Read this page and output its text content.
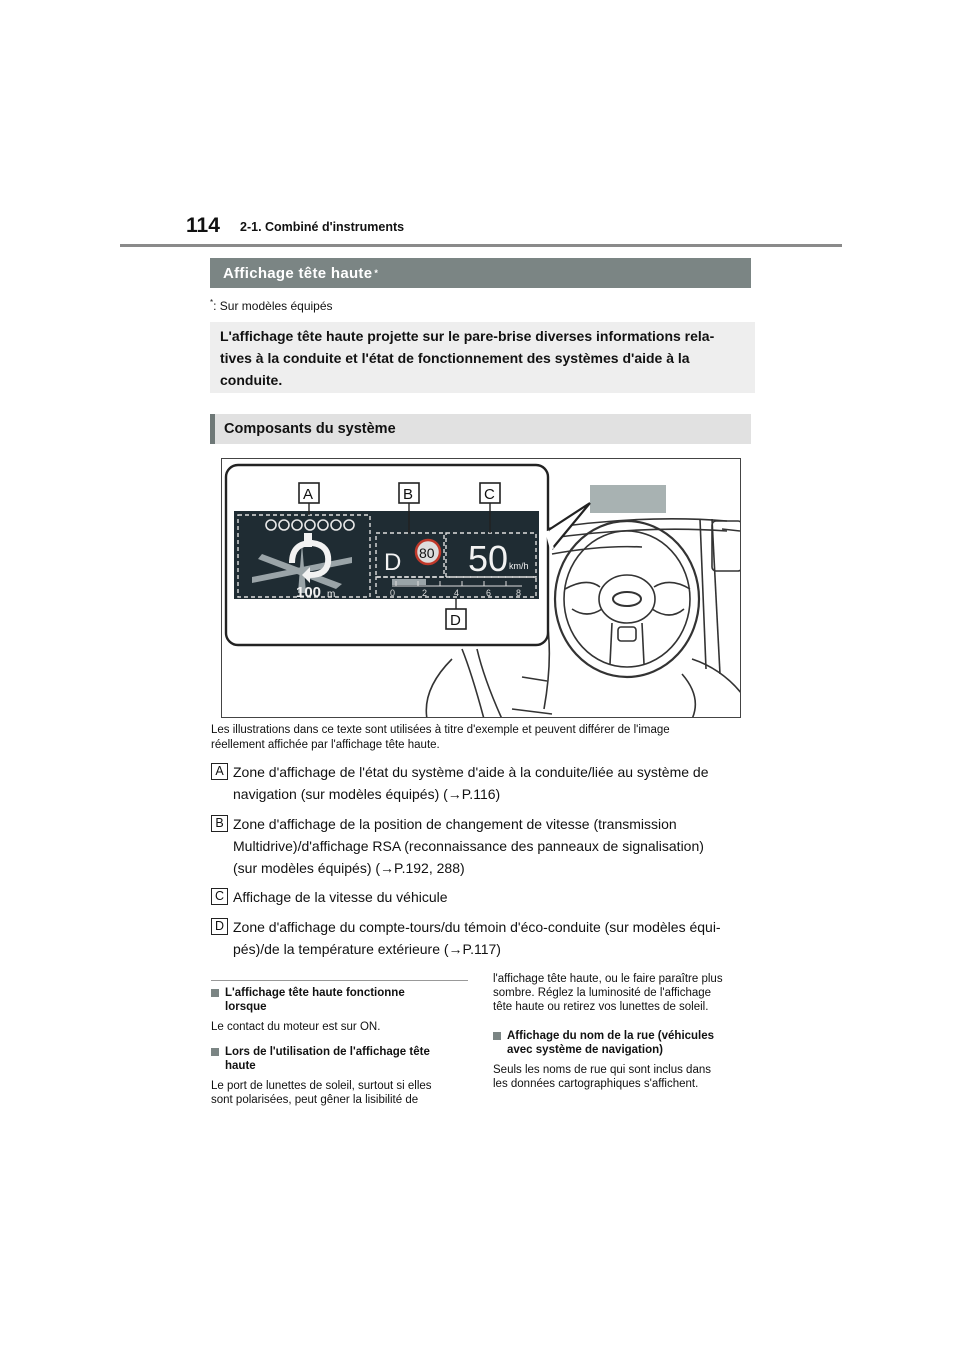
114 2-1. Combiné d'instruments
Affichage tête haute *
*: Sur modèles équipés
L'affichage tête haute projette sur le pare-brise diverses informations rela-
tives à la conduite et l'état de fonctionnement des systèmes d'aide à la
conduite.
Composants du système
100 m
D 80 50 km/h
0	2	4	6	8
A	B	C
D
Les illustrations dans ce texte sont utilisées à titre d'exemple et peuvent différer de l'image
réellement affichée par l'affichage tête haute.
A Zone d'affichage de l'état du système d'aide à la conduite/liée au système de
navigation (sur modèles équipés) (→P.116)
B Zone d'affichage de la position de changement de vitesse (transmission
Multidrive)/d'affichage RSA (reconnaissance des panneaux de signalisation)
(sur modèles équipés) (→P.192, 288)
C Affichage de la vitesse du véhicule
D Zone d'affichage du compte-tours/du témoin d'éco-conduite (sur modèles équi-
pés)/de la température extérieure (→P.117)
L'affichage tête haute fonctionne
lorsque
Le contact du moteur est sur ON.
Lors de l'utilisation de l'affichage tête
haute
Le port de lunettes de soleil, surtout si elles
sont polarisées, peut gêner la lisibilité de
l'affichage tête haute, ou le faire paraître plus
sombre. Réglez la luminosité de l'affichage
tête haute ou retirez vos lunettes de soleil.
Affichage du nom de la rue (véhicules
avec système de navigation)
Seuls les noms de rue qui sont inclus dans
les données cartographiques s'affichent.
